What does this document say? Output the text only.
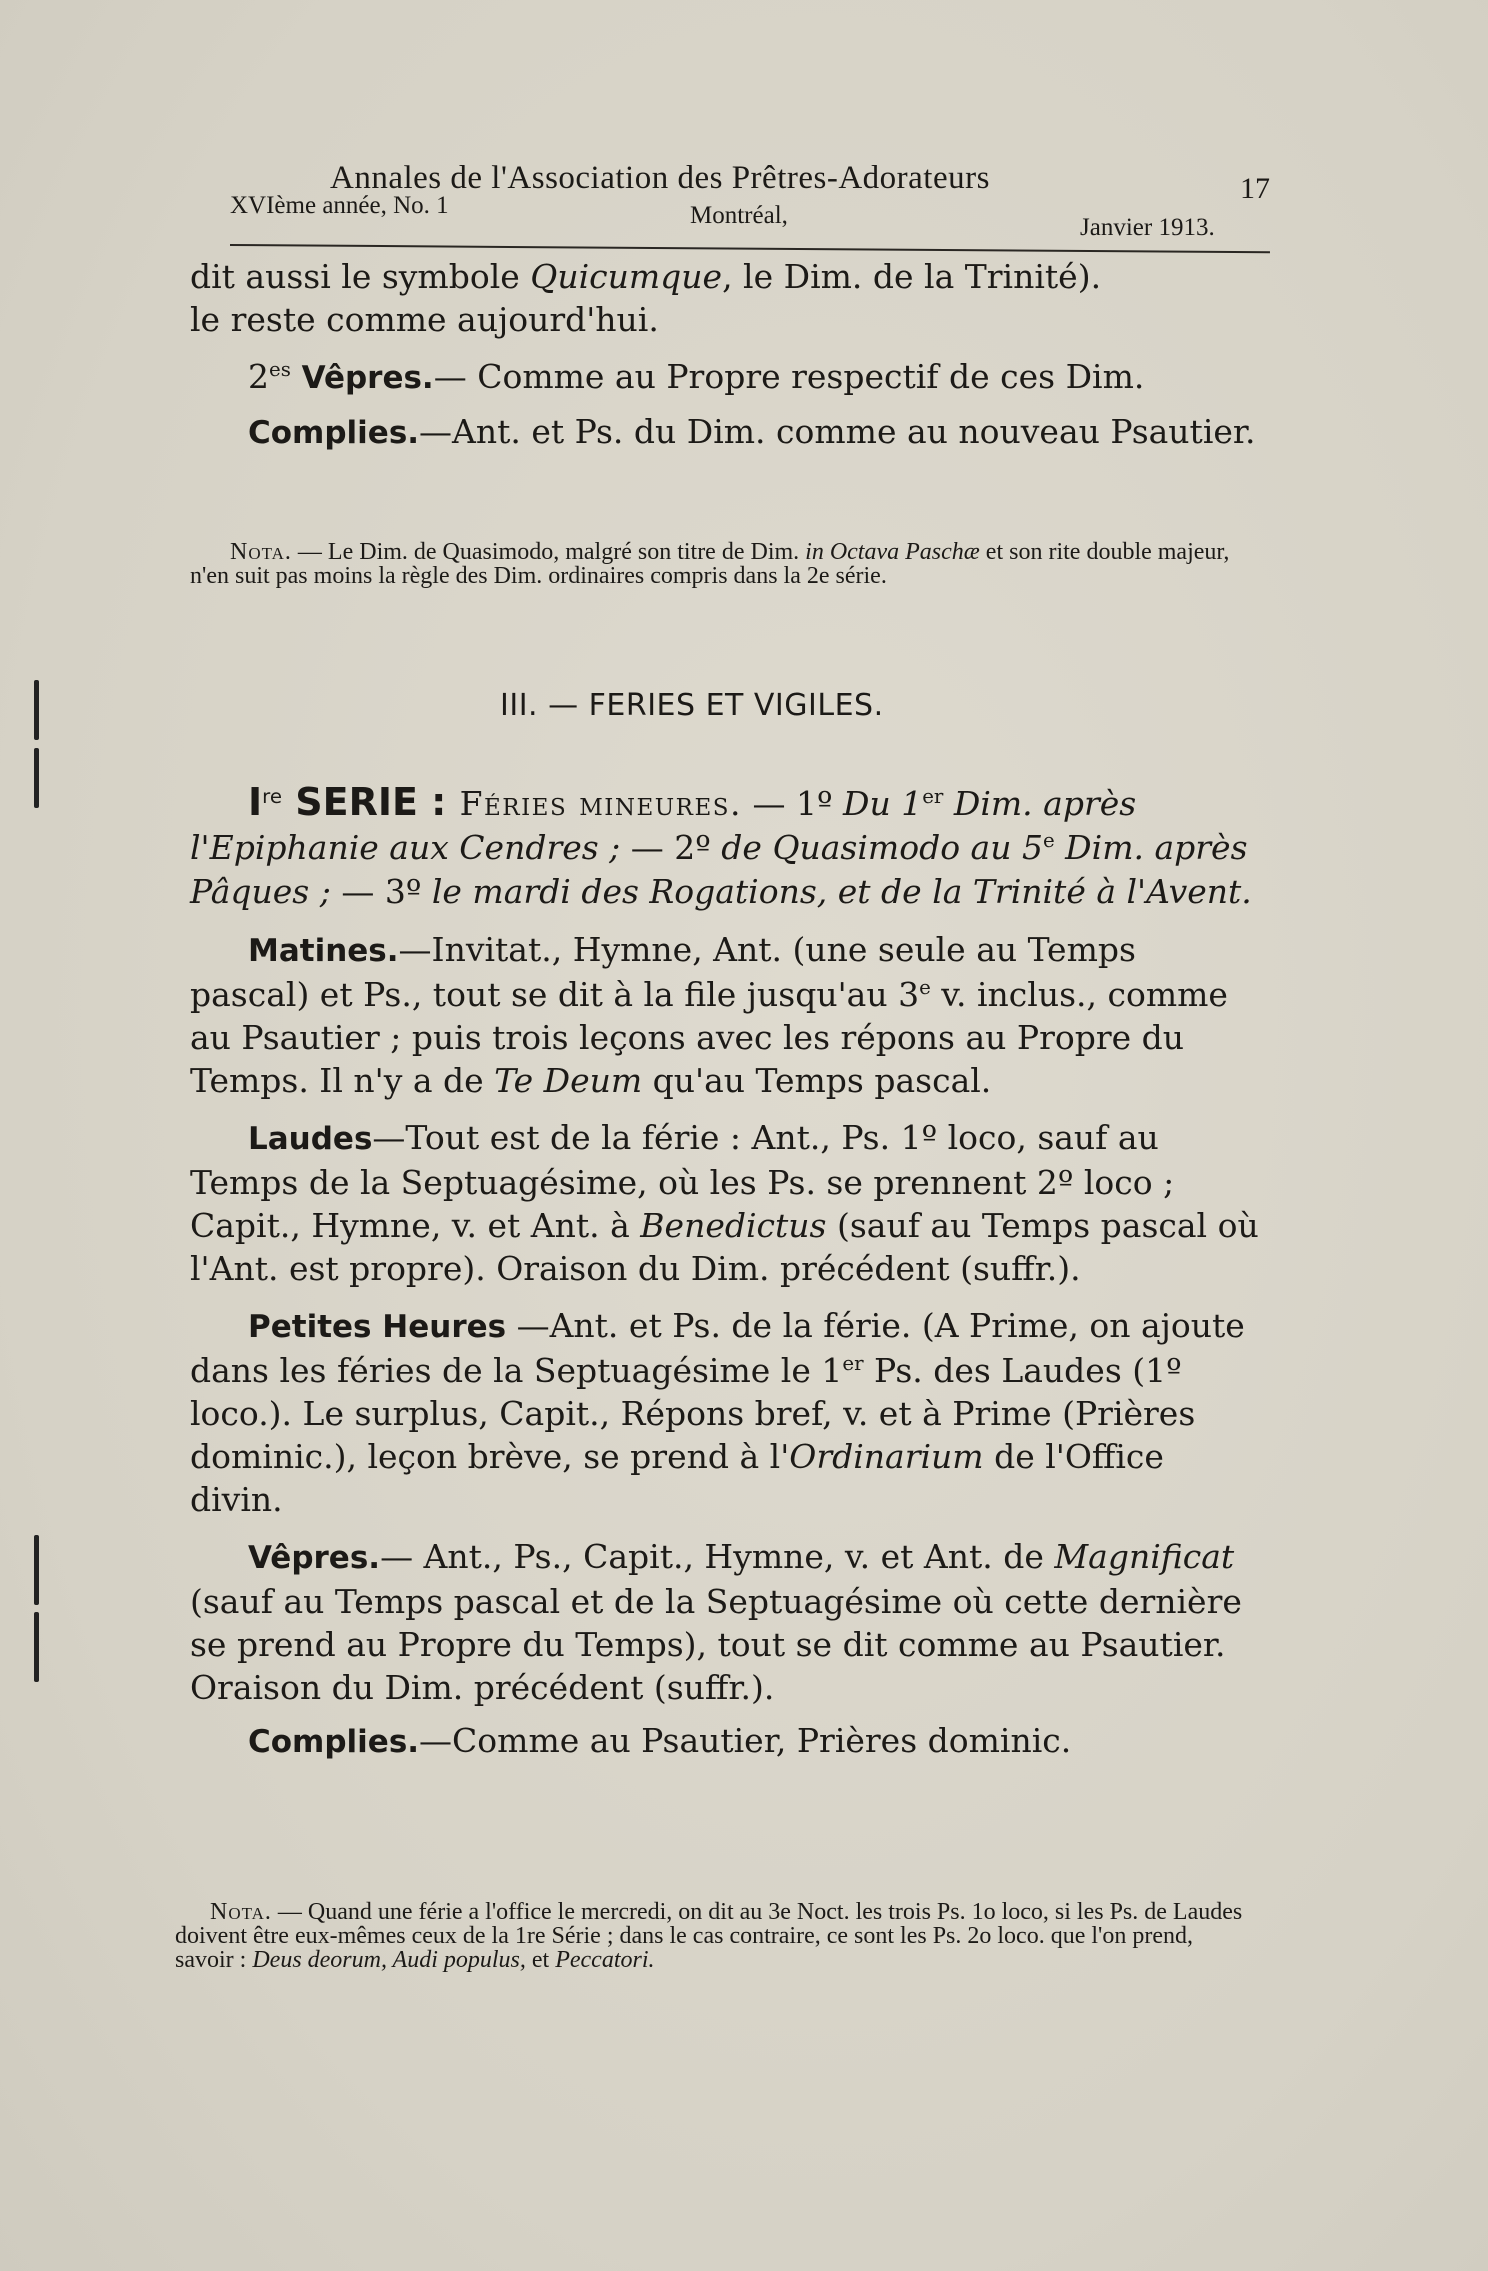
Annales de l'Association des Prêtres-Adorateurs	17
XVIème année, No. 1	Montréal,	Janvier 1913.

dit aussi le symbole Quicumque, le Dim. de la Trinité).
le reste comme aujourd'hui.

$2^{es}$ Vêpres.— Comme au Propre respectif de ces Dim.

Complies.—Ant. et Ps. du Dim. comme au nouveau Psautier.

Nota. — Le Dim. de Quasimodo, malgré son titre de Dim. in Octava Paschæ et son rite double majeur, n'en suit pas moins la règle des Dim. ordinaires compris dans la 2e série.
III. — FERIES ET VIGILES.

Ire SERIE : Féries mineures. — 1º Du 1er Dim. après l'Epiphanie aux Cendres ; — 2º de Quasimodo au 5e Dim. après Pâques ; — 3º le mardi des Rogations, et de la Trinité à l'Avent.

Matines.—Invitat., Hymne, Ant. (une seule au Temps pascal) et Ps., tout se dit à la file jusqu'au 3e v. inclus., comme au Psautier ; puis trois leçons avec les répons au Propre du Temps. Il n'y a de Te Deum qu'au Temps pascal.

Laudes—Tout est de la férie : Ant., Ps. 1º loco, sauf au Temps de la Septuagésime, où les Ps. se prennent 2º loco ; Capit., Hymne, v. et Ant. à Benedictus (sauf au Temps pascal où l'Ant. est propre). Oraison du Dim. précédent (suffr.).

Petites Heures —Ant. et Ps. de la férie. (A Prime, on ajoute dans les féries de la Septuagésime le 1er Ps. des Laudes (1º loco.). Le surplus, Capit., Répons bref, v. et à Prime (Prières dominic.), leçon brève, se prend à l'Ordinarium de l'Office divin.

Vêpres.— Ant., Ps., Capit., Hymne, v. et Ant. de Magnificat (sauf au Temps pascal et de la Septuagésime où cette dernière se prend au Propre du Temps), tout se dit comme au Psautier. Oraison du Dim. précédent (suffr.).

Complies.—Comme au Psautier, Prières dominic.

Nota. — Quand une férie a l'office le mercredi, on dit au 3e Noct. les trois Ps. 1o loco, si les Ps. de Laudes doivent être eux-mêmes ceux de la 1re Série ; dans le cas contraire, ce sont les Ps. 2o loco. que l'on prend, savoir : Deus deorum, Audi populus, et Peccatori.
